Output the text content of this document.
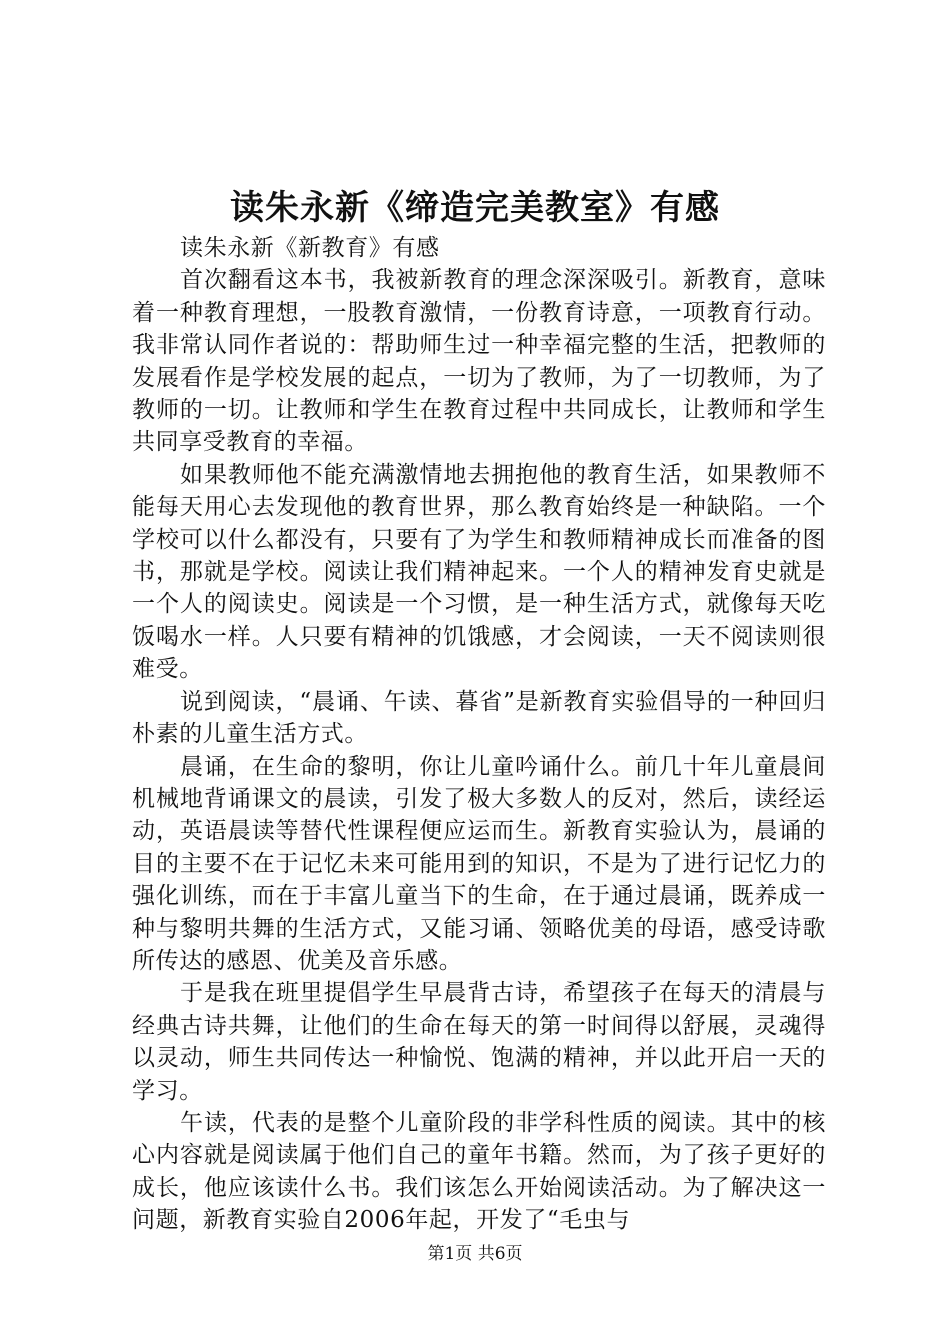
读朱永新《缔造完美教室》有感

读朱永新《新教育》有感

首次翻看这本书，我被新教育的理念深深吸引。新教育，意味着一种教育理想，一股教育激情，一份教育诗意，一项教育行动。我非常认同作者说的：帮助师生过一种幸福完整的生活，把教师的发展看作是学校发展的起点，一切为了教师，为了一切教师，为了教师的一切。让教师和学生在教育过程中共同成长，让教师和学生共同享受教育的幸福。

如果教师他不能充满激情地去拥抱他的教育生活，如果教师不能每天用心去发现他的教育世界，那么教育始终是一种缺陷。一个学校可以什么都没有，只要有了为学生和教师精神成长而准备的图书，那就是学校。阅读让我们精神起来。一个人的精神发育史就是一个人的阅读史。阅读是一个习惯，是一种生活方式，就像每天吃饭喝水一样。人只要有精神的饥饿感，才会阅读，一天不阅读则很难受。

说到阅读，“晨诵、午读、暮省”是新教育实验倡导的一种回归朴素的儿童生活方式。

晨诵，在生命的黎明，你让儿童吟诵什么。前几十年儿童晨间机械地背诵课文的晨读，引发了极大多数人的反对，然后，读经运动，英语晨读等替代性课程便应运而生。新教育实验认为，晨诵的目的主要不在于记忆未来可能用到的知识，不是为了进行记忆力的强化训练，而在于丰富儿童当下的生命，在于通过晨诵，既养成一种与黎明共舞的生活方式，又能习诵、领略优美的母语，感受诗歌所传达的感恩、优美及音乐感。

于是我在班里提倡学生早晨背古诗，希望孩子在每天的清晨与经典古诗共舞，让他们的生命在每天的第一时间得以舒展，灵魂得以灵动，师生共同传达一种愉悦、饱满的精神，并以此开启一天的学习。

午读，代表的是整个儿童阶段的非学科性质的阅读。其中的核心内容就是阅读属于他们自己的童年书籍。然而，为了孩子更好的成长，他应该读什么书。我们该怎么开始阅读活动。为了解决这一问题，新教育实验自2006年起，开发了“毛虫与

第1页 共6页
